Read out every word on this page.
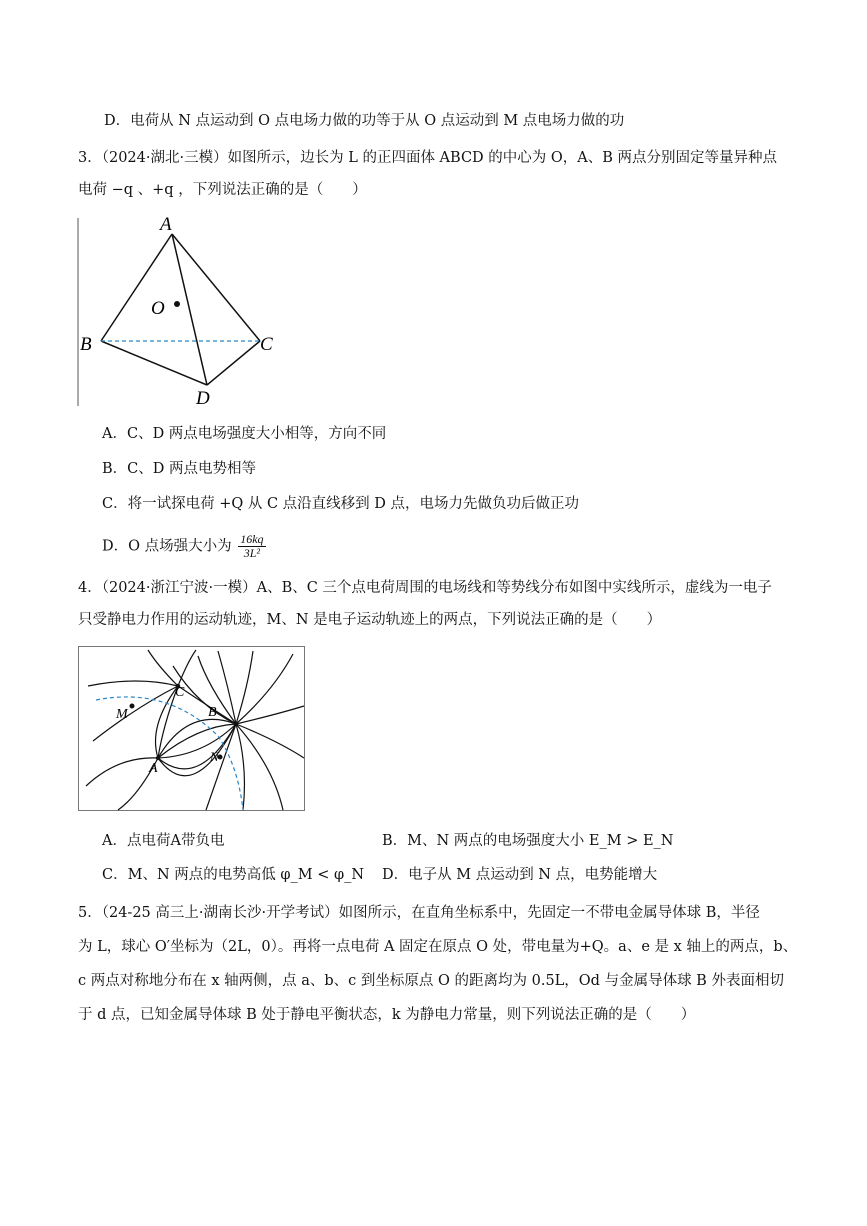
D．电荷从 N 点运动到 O 点电场力做的功等于从 O 点运动到 M 点电场力做的功
3．（2024·湖北·三模）如图所示，边长为 L 的正四面体 ABCD 的中心为 O，A、B 两点分别固定等量异种点
电荷 −q 、+q ，下列说法正确的是（　　）
A
B	C
D
O
A．C、D 两点电场强度大小相等，方向不同
B．C、D 两点电势相等
C．将一试探电荷 +Q 从 C 点沿直线移到 D 点，电场力先做负功后做正功
D．O 点场强大小为 $\frac{16kq}{\text{3L²}}$
4．（2024·浙江宁波·一模）A、B、C 三个点电荷周围的电场线和等势线分布如图中实线所示，虚线为一电子
只受静电力作用的运动轨迹，M、N 是电子运动轨迹上的两点，下列说法正确的是（　　）
C
B
A
M
N
A．点电荷A带负电	B．M、N 两点的电场强度大小 E_M > E_N
C．M、N 两点的电势高低 φ_M < φ_N D．电子从 M 点运动到 N 点，电势能增大
5．（24-25 高三上·湖南长沙·开学考试）如图所示，在直角坐标系中，先固定一不带电金属导体球 B，半径
为 L，球心 O′坐标为（2L，0）。再将一点电荷 A 固定在原点 O 处，带电量为+Q。a、e 是 x 轴上的两点，b、
c 两点对称地分布在 x 轴两侧，点 a、b、c 到坐标原点 O 的距离均为 0.5L，Od 与金属导体球 B 外表面相切
于 d 点，已知金属导体球 B 处于静电平衡状态，k 为静电力常量，则下列说法正确的是（　　）
